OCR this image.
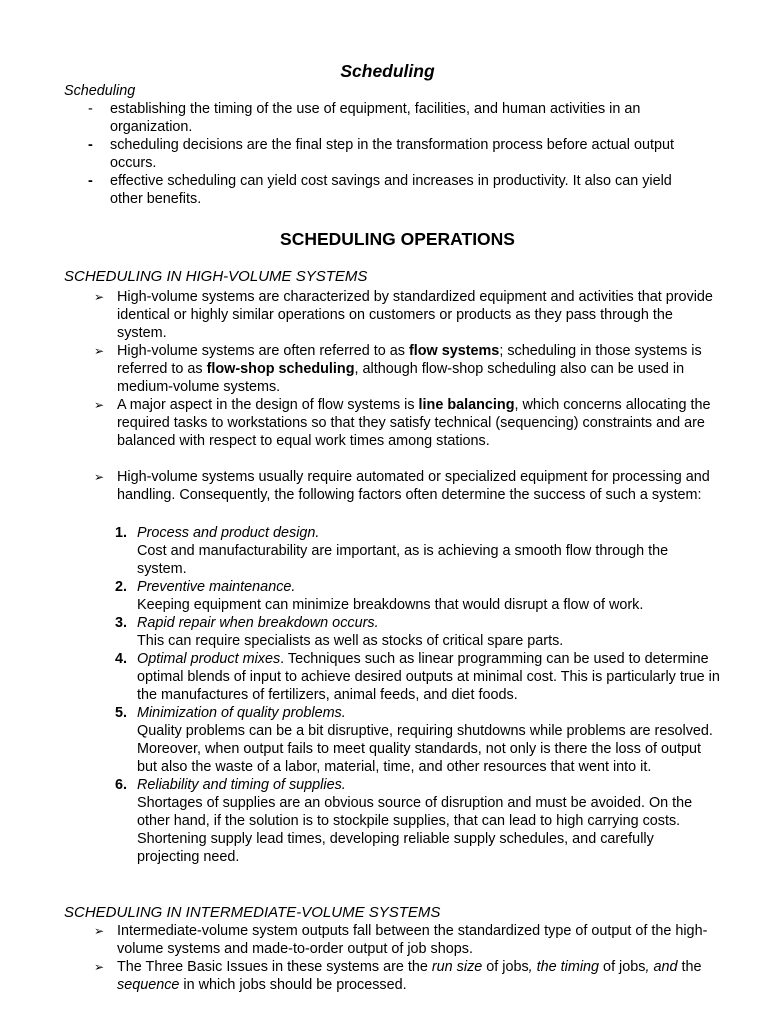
Scheduling
Scheduling
- establishing the timing of the use of equipment, facilities, and human activities in an organization.
- scheduling decisions are the final step in the transformation process before actual output occurs.
- effective scheduling can yield cost savings and increases in productivity. It also can yield other benefits.
SCHEDULING OPERATIONS
SCHEDULING IN HIGH-VOLUME SYSTEMS
➢ High-volume systems are characterized by standardized equipment and activities that provide identical or highly similar operations on customers or products as they pass through the system.
➢ High-volume systems are often referred to as flow systems; scheduling in those systems is referred to as flow-shop scheduling, although flow-shop scheduling also can be used in medium-volume systems.
➢ A major aspect in the design of flow systems is line balancing, which concerns allocating the required tasks to workstations so that they satisfy technical (sequencing) constraints and are balanced with respect to equal work times among stations.
➢ High-volume systems usually require automated or specialized equipment for processing and handling. Consequently, the following factors often determine the success of such a system:
1. Process and product design.
Cost and manufacturability are important, as is achieving a smooth flow through the system.
2. Preventive maintenance.
Keeping equipment can minimize breakdowns that would disrupt a flow of work.
3. Rapid repair when breakdown occurs.
This can require specialists as well as stocks of critical spare parts.
4. Optimal product mixes. Techniques such as linear programming can be used to determine optimal blends of input to achieve desired outputs at minimal cost. This is particularly true in the manufactures of fertilizers, animal feeds, and diet foods.
5. Minimization of quality problems.
Quality problems can be a bit disruptive, requiring shutdowns while problems are resolved. Moreover, when output fails to meet quality standards, not only is there the loss of output but also the waste of a labor, material, time, and other resources that went into it.
6. Reliability and timing of supplies.
Shortages of supplies are an obvious source of disruption and must be avoided. On the other hand, if the solution is to stockpile supplies, that can lead to high carrying costs. Shortening supply lead times, developing reliable supply schedules, and carefully projecting need.
SCHEDULING IN INTERMEDIATE-VOLUME SYSTEMS
➢ Intermediate-volume system outputs fall between the standardized type of output of the high-volume systems and made-to-order output of job shops.
➢ The Three Basic Issues in these systems are the run size of jobs, the timing of jobs, and the sequence in which jobs should be processed.
